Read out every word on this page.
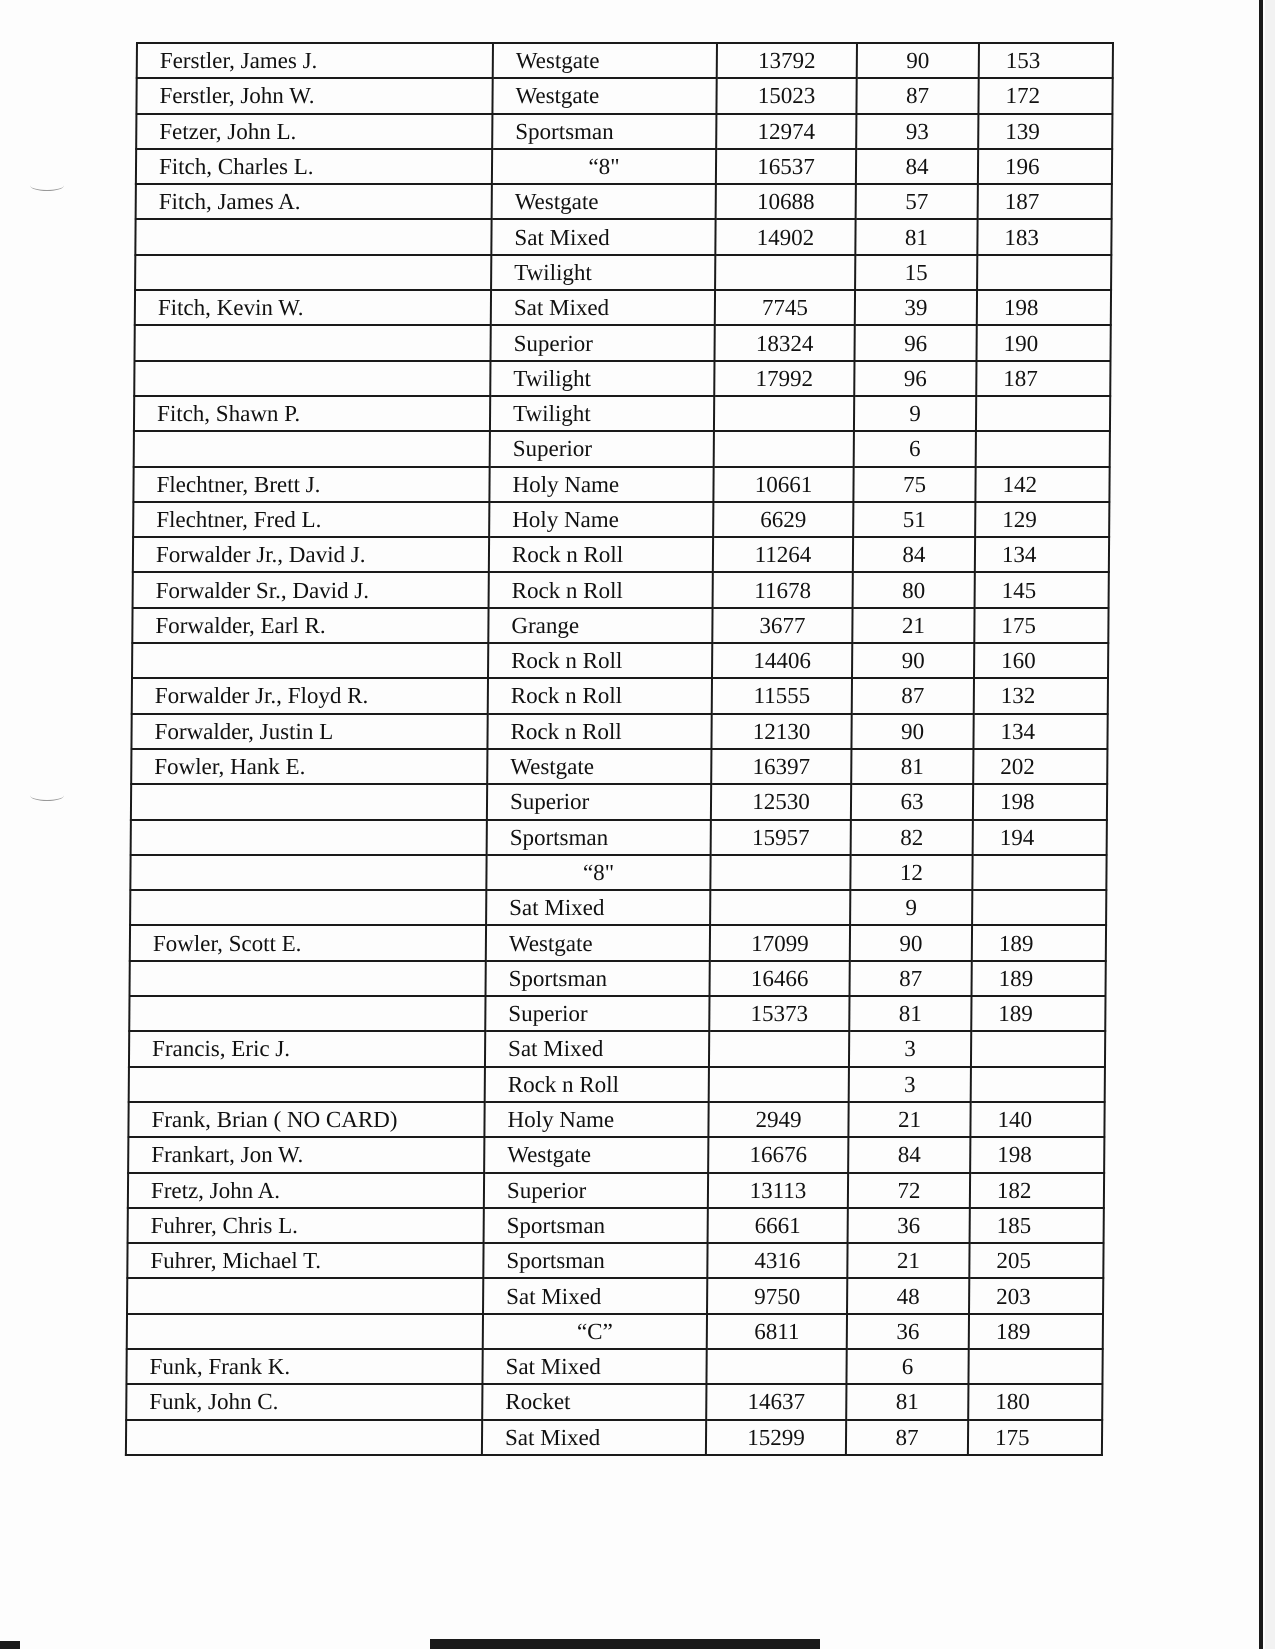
Ferstler, James J.	Westgate	13792	90	153
Ferstler, John W.	Westgate	15023	87	172
Fetzer, John L.	Sportsman	12974	93	139
Fitch, Charles L.	“8"	16537	84	196
Fitch, James A.	Westgate	10688	57	187
	Sat Mixed	14902	81	183
	Twilight		15	
Fitch, Kevin W.	Sat Mixed	7745	39	198
	Superior	18324	96	190
	Twilight	17992	96	187
Fitch, Shawn P.	Twilight		9	
	Superior		6	
Flechtner, Brett J.	Holy Name	10661	75	142
Flechtner, Fred L.	Holy Name	6629	51	129
Forwalder Jr., David J.	Rock n Roll	11264	84	134
Forwalder Sr., David J.	Rock n Roll	11678	80	145
Forwalder, Earl R.	Grange	3677	21	175
	Rock n Roll	14406	90	160
Forwalder Jr., Floyd R.	Rock n Roll	11555	87	132
Forwalder, Justin L	Rock n Roll	12130	90	134
Fowler, Hank E.	Westgate	16397	81	202
	Superior	12530	63	198
	Sportsman	15957	82	194
	“8"		12	
	Sat Mixed		9	
Fowler, Scott E.	Westgate	17099	90	189
	Sportsman	16466	87	189
	Superior	15373	81	189
Francis, Eric J.	Sat Mixed		3	
	Rock n Roll		3	
Frank, Brian ( NO CARD)	Holy Name	2949	21	140
Frankart, Jon W.	Westgate	16676	84	198
Fretz, John A.	Superior	13113	72	182
Fuhrer, Chris L.	Sportsman	6661	36	185
Fuhrer, Michael T.	Sportsman	4316	21	205
	Sat Mixed	9750	48	203
	“C”	6811	36	189
Funk, Frank K.	Sat Mixed		6	
Funk, John C.	Rocket	14637	81	180
	Sat Mixed	15299	87	175
